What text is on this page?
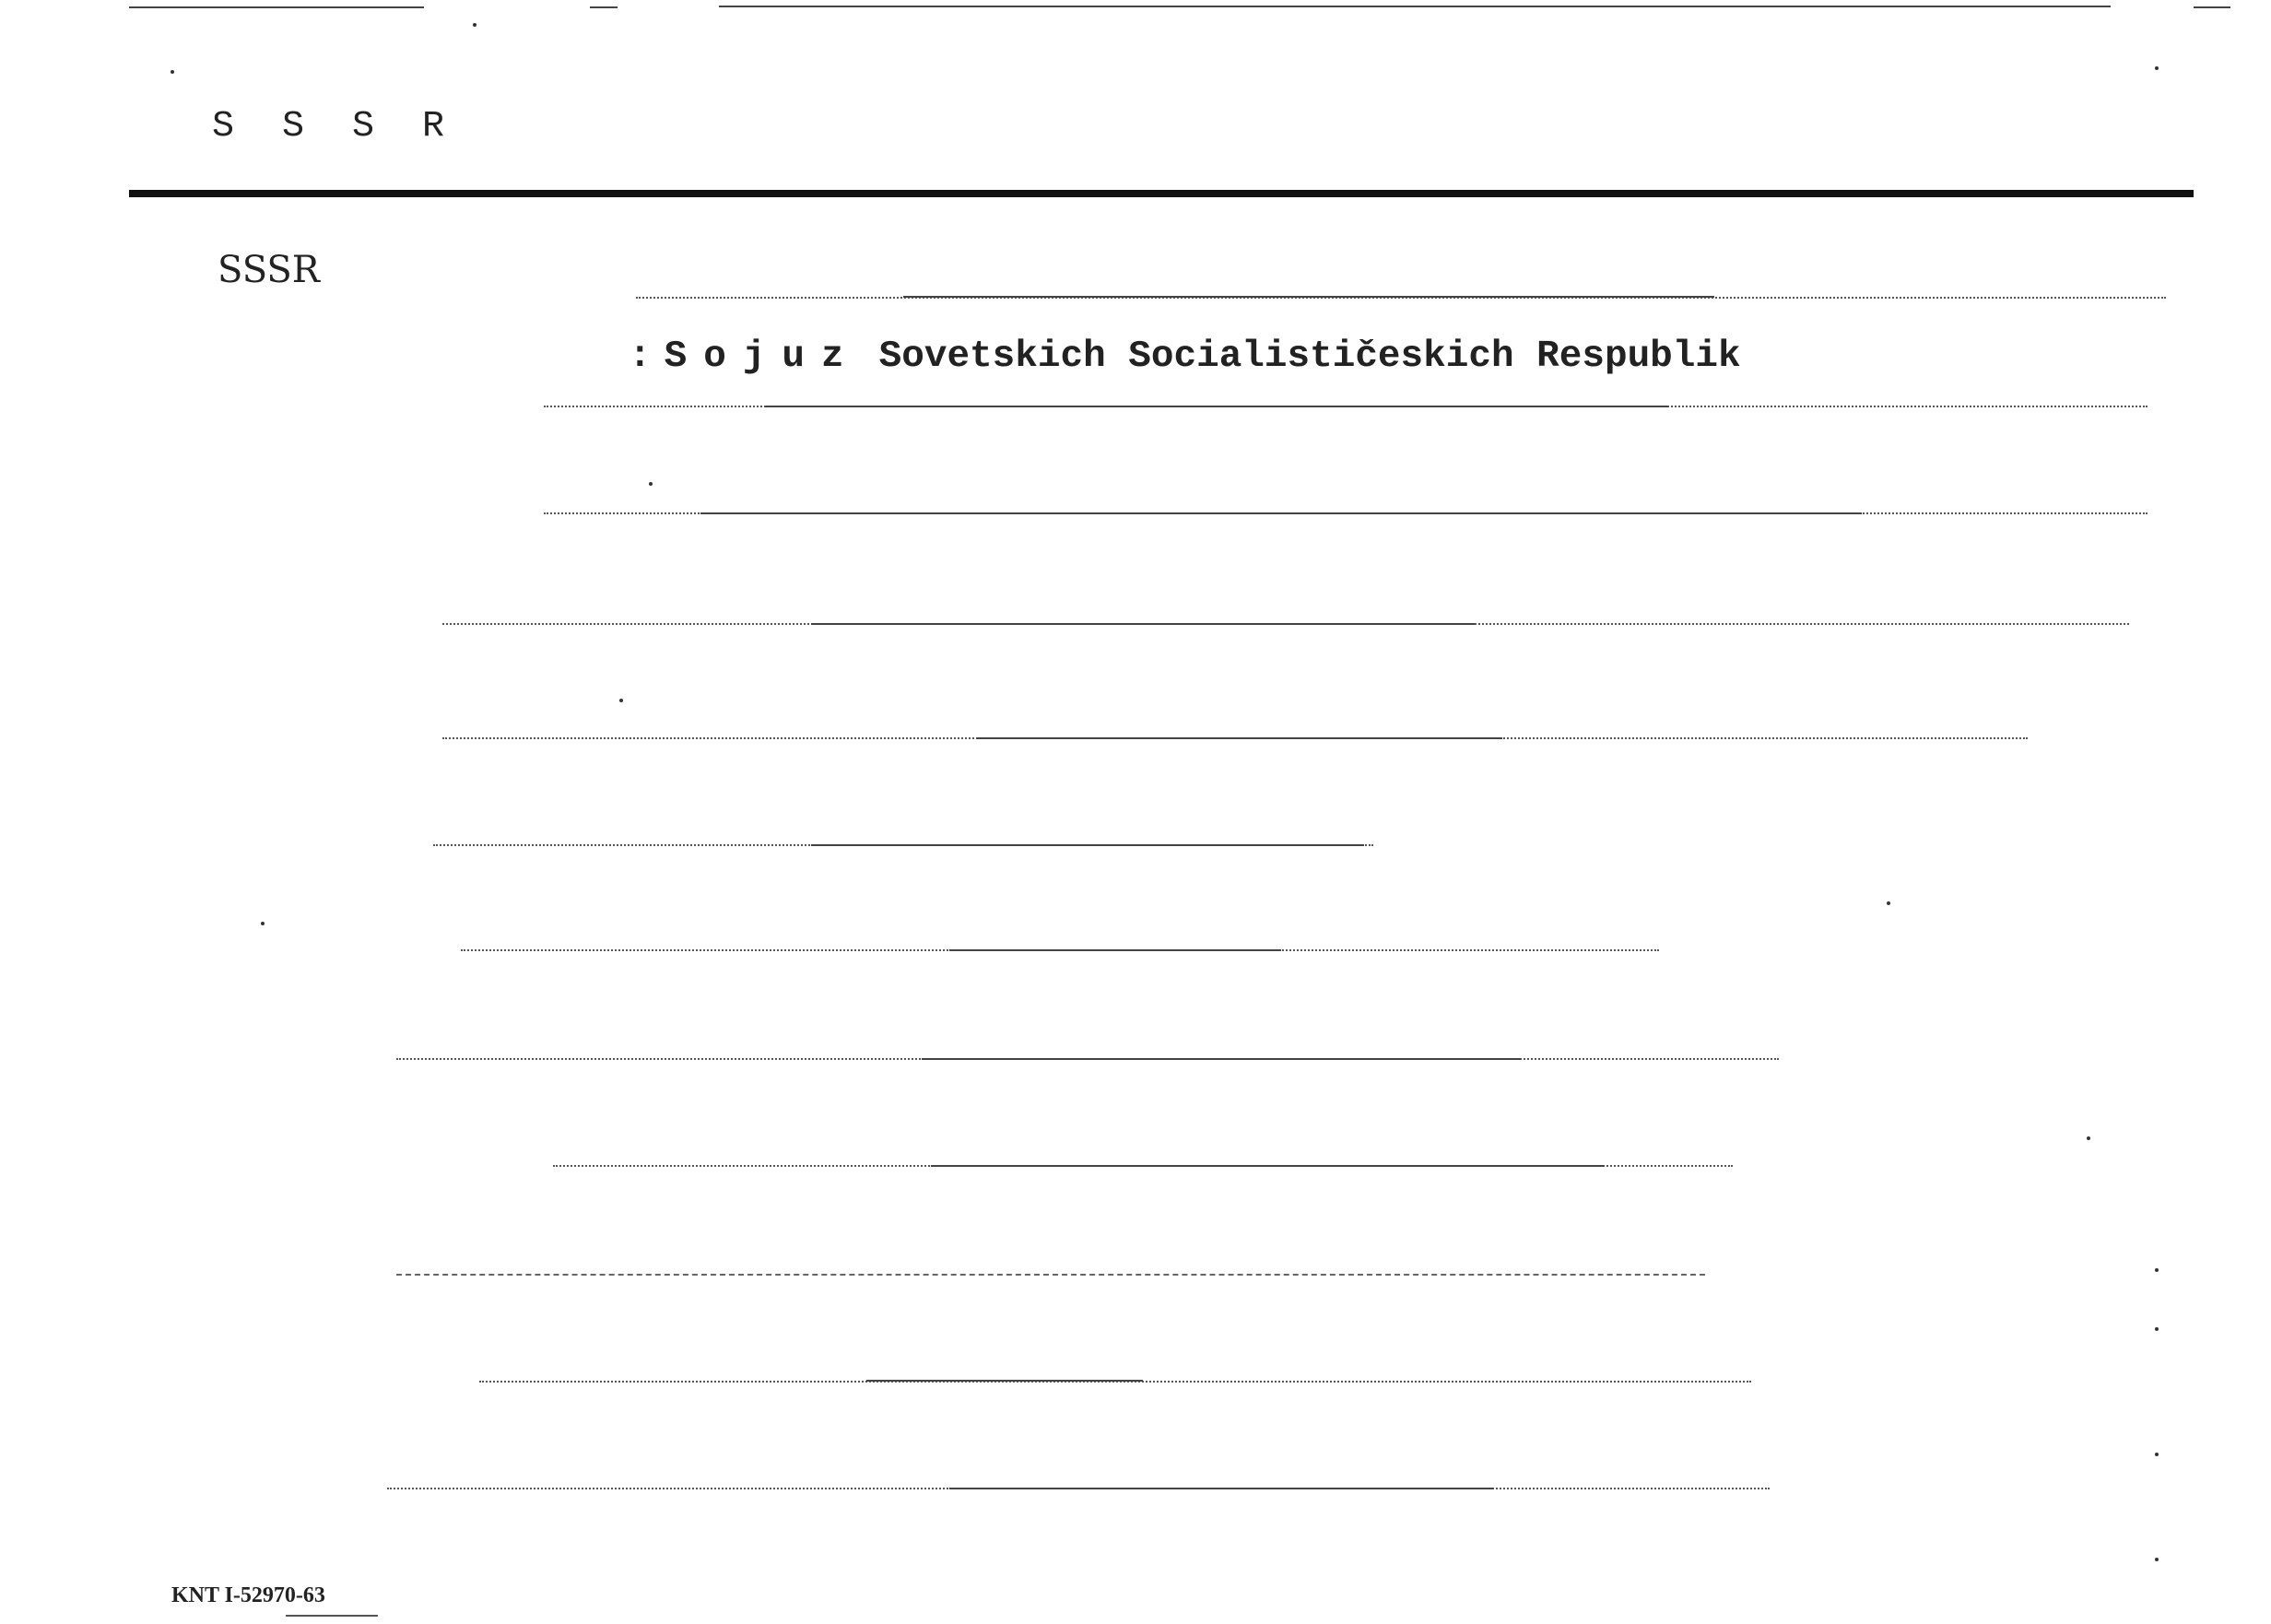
S S S R
SSSR
: Sojuz Sovetskich Socialističeskich Respublik
KNT I-52970-63
